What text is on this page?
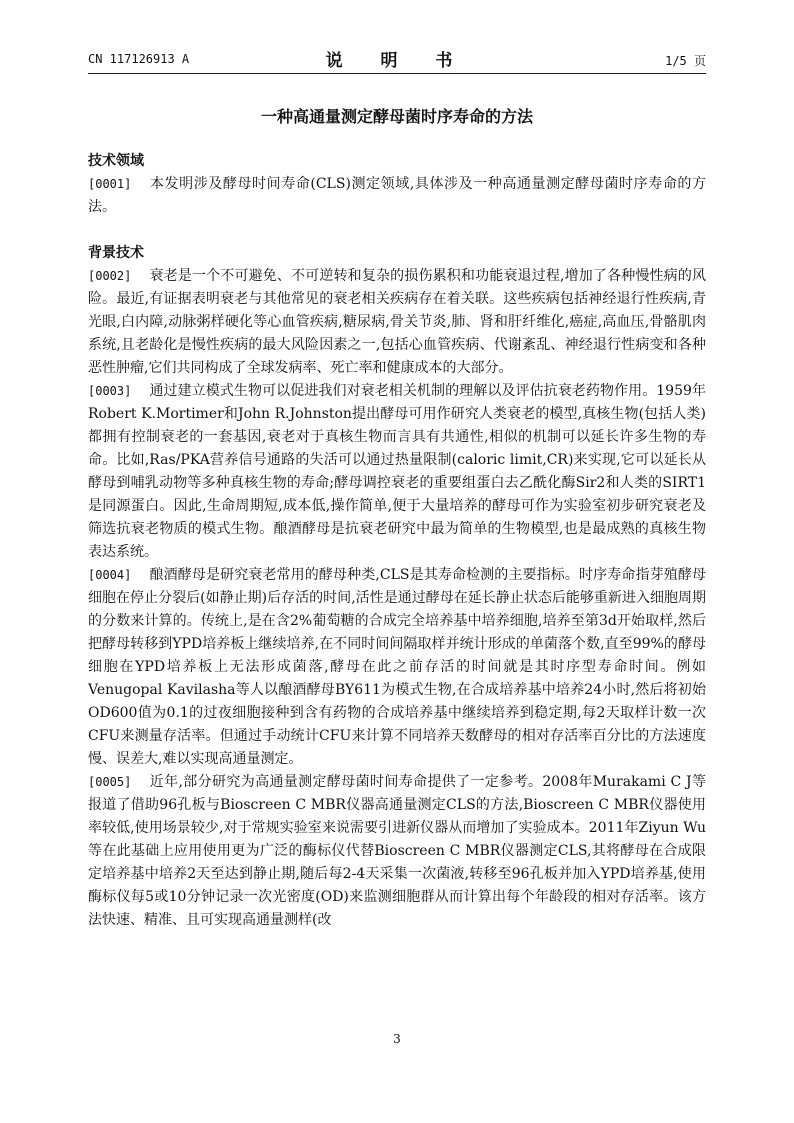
CN 117126913 A	说 明 书	1/5 页
一种高通量测定酵母菌时序寿命的方法
技术领域
[0001] 本发明涉及酵母时间寿命(CLS)测定领域,具体涉及一种高通量测定酵母菌时序寿命的方法。
背景技术
[0002] 衰老是一个不可避免、不可逆转和复杂的损伤累积和功能衰退过程,增加了各种慢性病的风险。最近,有证据表明衰老与其他常见的衰老相关疾病存在着关联。这些疾病包括神经退行性疾病,青光眼,白内障,动脉粥样硬化等心血管疾病,糖尿病,骨关节炎,肺、肾和肝纤维化,癌症,高血压,骨骼肌肉系统,且老龄化是慢性疾病的最大风险因素之一,包括心血管疾病、代谢紊乱、神经退行性病变和各种恶性肿瘤,它们共同构成了全球发病率、死亡率和健康成本的大部分。
[0003] 通过建立模式生物可以促进我们对衰老相关机制的理解以及评估抗衰老药物作用。1959年Robert K.Mortimer和John R.Johnston提出酵母可用作研究人类衰老的模型,真核生物(包括人类)都拥有控制衰老的一套基因,衰老对于真核生物而言具有共通性,相似的机制可以延长许多生物的寿命。比如,Ras/PKA营养信号通路的失活可以通过热量限制(caloric limit,CR)来实现,它可以延长从酵母到哺乳动物等多种真核生物的寿命;酵母调控衰老的重要组蛋白去乙酰化酶Sir2和人类的SIRT1是同源蛋白。因此,生命周期短,成本低,操作简单,便于大量培养的酵母可作为实验室初步研究衰老及筛选抗衰老物质的模式生物。酿酒酵母是抗衰老研究中最为简单的生物模型,也是最成熟的真核生物表达系统。
[0004] 酿酒酵母是研究衰老常用的酵母种类,CLS是其寿命检测的主要指标。时序寿命指芽殖酵母细胞在停止分裂后(如静止期)后存活的时间,活性是通过酵母在延长静止状态后能够重新进入细胞周期的分数来计算的。传统上,是在含2%葡萄糖的合成完全培养基中培养细胞,培养至第3d开始取样,然后把酵母转移到YPD培养板上继续培养,在不同时间间隔取样并统计形成的单菌落个数,直至99%的酵母细胞在YPD培养板上无法形成菌落,酵母在此之前存活的时间就是其时序型寿命时间。例如Venugopal Kavilasha等人以酿酒酵母BY611为模式生物,在合成培养基中培养24小时,然后将初始OD600值为0.1的过夜细胞接种到含有药物的合成培养基中继续培养到稳定期,每2天取样计数一次CFU来测量存活率。但通过手动统计CFU来计算不同培养天数酵母的相对存活率百分比的方法速度慢、误差大,难以实现高通量测定。
[0005] 近年,部分研究为高通量测定酵母菌时间寿命提供了一定参考。2008年Murakami C J等报道了借助96孔板与Bioscreen C MBR仪器高通量测定CLS的方法,Bioscreen C MBR仪器使用率较低,使用场景较少,对于常规实验室来说需要引进新仪器从而增加了实验成本。2011年Ziyun Wu等在此基础上应用使用更为广泛的酶标仪代替Bioscreen C MBR仪器测定CLS,其将酵母在合成限定培养基中培养2天至达到静止期,随后每2-4天采集一次菌液,转移至96孔板并加入YPD培养基,使用酶标仪每5或10分钟记录一次光密度(OD)来监测细胞群从而计算出每个年龄段的相对存活率。该方法快速、精准、且可实现高通量测样(改
3
